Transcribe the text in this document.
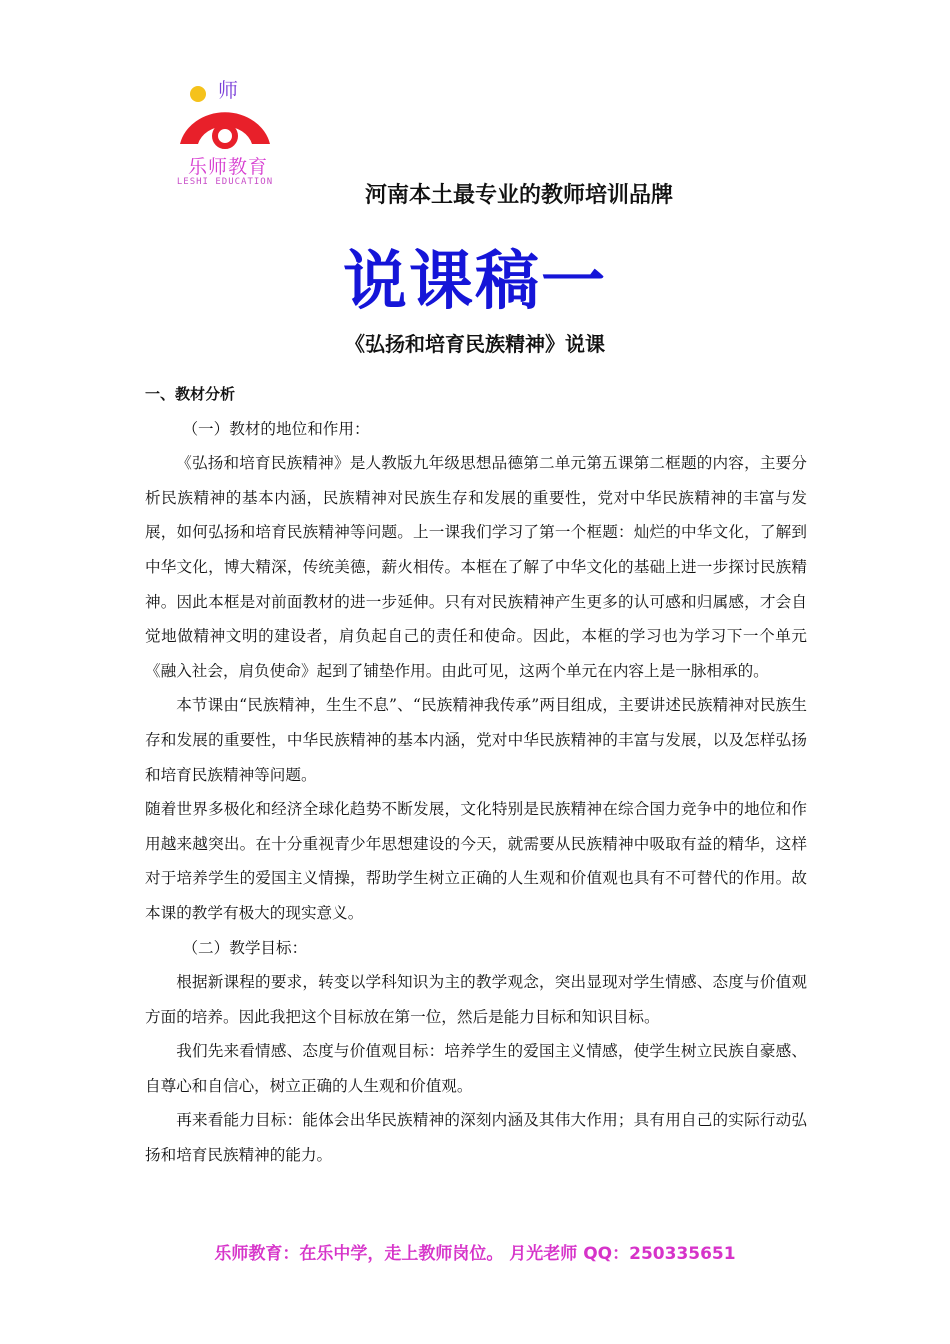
师
乐师教育
LESHI EDUCATION	河南本土最专业的教师培训品牌
说课稿一
《弘扬和培育民族精神》说课

一、教材分析

（一）教材的地位和作用：

《弘扬和培育民族精神》是人教版九年级思想品德第二单元第五课第二框题的内容，主要分析民族精神的基本内涵，民族精神对民族生存和发展的重要性，党对中华民族精神的丰富与发展，如何弘扬和培育民族精神等问题。上一课我们学习了第一个框题：灿烂的中华文化，了解到中华文化，博大精深，传统美德，薪火相传。本框在了解了中华文化的基础上进一步探讨民族精神。因此本框是对前面教材的进一步延伸。只有对民族精神产生更多的认可感和归属感，才会自觉地做精神文明的建设者，肩负起自己的责任和使命。因此，本框的学习也为学习下一个单元《融入社会，肩负使命》起到了铺垫作用。由此可见，这两个单元在内容上是一脉相承的。

本节课由“民族精神，生生不息”、“民族精神我传承”两目组成，主要讲述民族精神对民族生存和发展的重要性，中华民族精神的基本内涵，党对中华民族精神的丰富与发展，以及怎样弘扬和培育民族精神等问题。

随着世界多极化和经济全球化趋势不断发展，文化特别是民族精神在综合国力竞争中的地位和作用越来越突出。在十分重视青少年思想建设的今天，就需要从民族精神中吸取有益的精华，这样对于培养学生的爱国主义情操，帮助学生树立正确的人生观和价值观也具有不可替代的作用。故本课的教学有极大的现实意义。

（二）教学目标：

根据新课程的要求，转变以学科知识为主的教学观念，突出显现对学生情感、态度与价值观方面的培养。因此我把这个目标放在第一位，然后是能力目标和知识目标。

我们先来看情感、态度与价值观目标：培养学生的爱国主义情感，使学生树立民族自豪感、自尊心和自信心，树立正确的人生观和价值观。

再来看能力目标：能体会出华民族精神的深刻内涵及其伟大作用；具有用自己的实际行动弘扬和培育民族精神的能力。

乐师教育：在乐中学，走上教师岗位。 月光老师 QQ：250335651
